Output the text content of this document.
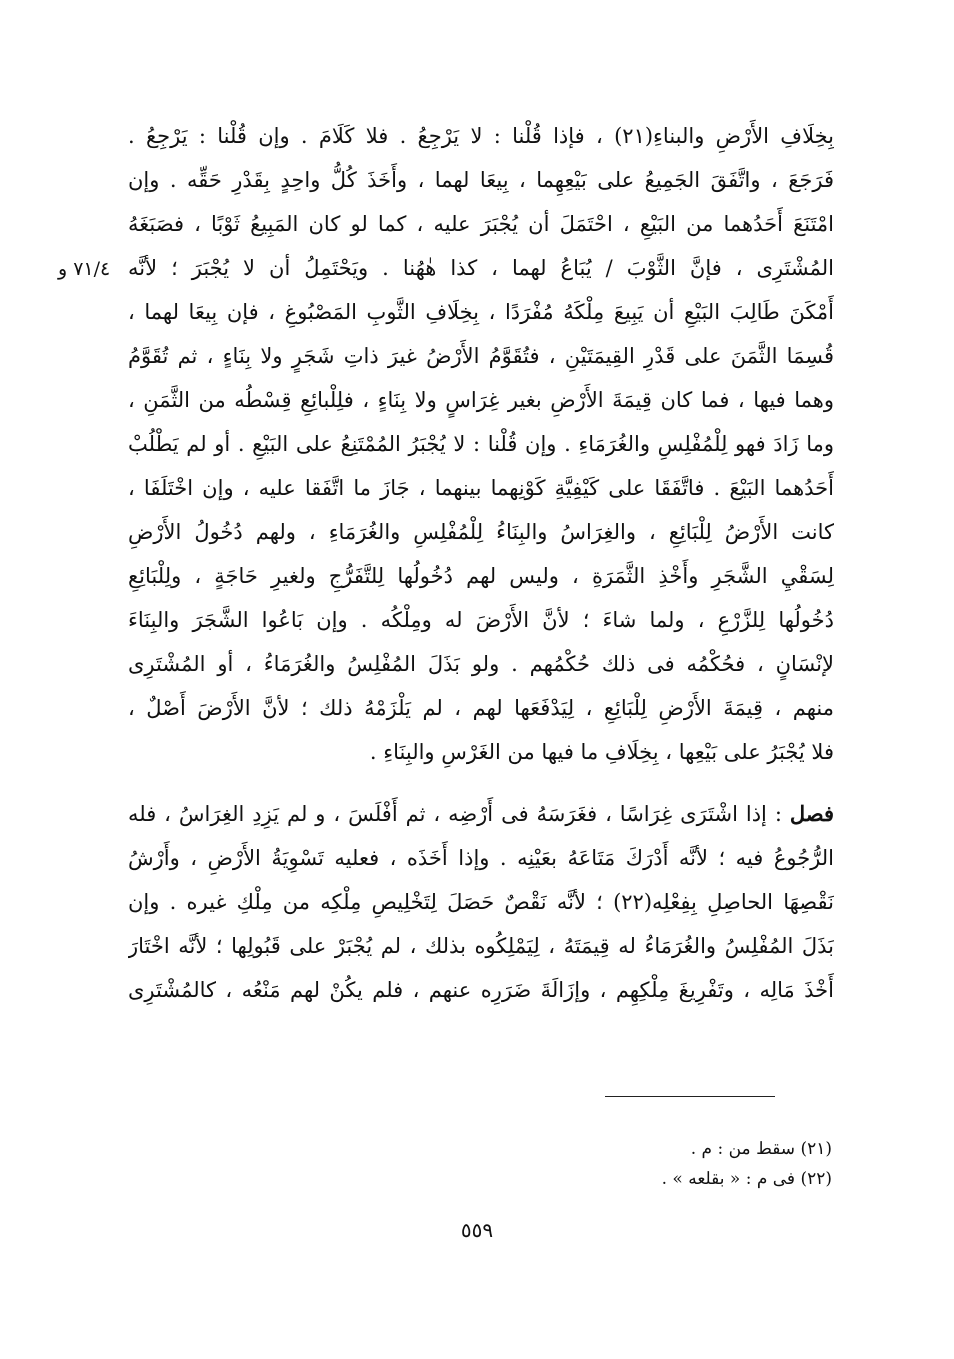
٧١/٤ و
بِخِلَافِ الأَرْضِ والبناءِ(٢١) ، فإذا قُلْنا : لا يَرْجِعُ . فلا كَلَامَ . وإن قُلْنا : يَرْجِعُ .
فَرَجَعَ ، واتَّفَقَ الجَمِيعُ على بَيْعِهِما ، بِيعَا لهما ، وأَخَذَ كُلُّ واحِدٍ بِقَدْرِ حَقِّه . وإن
امْتَنَعَ أَحَدُهما من البَيْعِ ، احْتَمَلَ أن يُجْبَرَ عليه ، كما لو كان المَبِيعُ ثَوْبًا ، فصَبَغَهُ
المُشْتَرِى ، فإنَّ الثَّوْبَ / يُبَاعُ لهما ، كذا هٰهُنا . ويَحْتَمِلُ أن لا يُجْبَرَ ؛ لأنَّه
أَمْكَنَ طَالِبَ البَيْعِ أن يَبِيعَ مِلْكَهُ مُفْرَدًا ، بِخِلَافِ الثَّوبِ المَصْبُوغِ ، فإن بِيعَا لهما ،
قُسِمَا الثَّمَنَ على قَدْرِ القِيمَتَيْنِ ، فتُقَوَّمُ الأَرْضُ غيرَ ذاتِ شَجَرٍ ولا بِنَاءٍ ، ثم تُقَوَّمُ
وهما فيها ، فما كان قِيمَةَ الأَرْضِ بغير غِرَاسٍ ولا بِنَاءٍ ، فلِلْبائِعِ قِسْطُه من الثَّمَنِ ،
وما زَادَ فهو لِلْمُفْلِسِ والغُرَمَاءِ . وإن قُلْنا : لا يُجْبَرُ المُمْتَنِعُ على البَيْعِ . أو لم يَطْلُبْ
أَحَدُهما البَيْعَ . فاتَّفَقَا على كَيْفِيَّةِ كَوْنِهما بينهما ، جَازَ ما اتَّفَقا عليه ، وإن اخْتَلَفَا ،
كانت الأَرْضُ لِلْبَائِعِ ، والغِرَاسُ والبِنَاءُ لِلْمُفْلِسِ والغُرَمَاءِ ، ولهم دُخُولُ الأَرْضِ
لِسَقْيِ الشَّجَرِ وأَخْذِ الثَّمَرَةِ ، وليس لهم دُخُولُها لِلتَّفَرُّجِ ولغيرِ حَاجَةٍ ، ولِلْبَائِعِ
دُخُولُها لِلزَّرْعِ ، ولما شاءَ ؛ لأنَّ الأَرْضَ له ومِلْكُه . وإن بَاعُوا الشَّجَرَ والبِنَاءَ
لإنْسَانٍ ، فحُكْمُه فى ذلك حُكْمُهم . ولو بَذَلَ المُفْلِسُ والغُرَمَاءُ ، أو المُشْتَرِى
منهم ، قِيمَةَ الأَرْضِ لِلْبَائِعِ ، لِيَدْفَعَها لهم ، لم يَلْزَمْهُ ذلك ؛ لأنَّ الأَرْضَ أَصْلٌ ،
فلا يُجْبَرُ على بَيْعِها ، بِخِلَافِ ما فيها من الغَرْسِ والبِنَاءِ .
فصل : إذا اشْتَرَى غِرَاسًا ، فغَرَسَهُ فى أَرْضِه ، ثم أَفْلَسَ ، و لم يَزِدِ الغِرَاسُ ، فله
الرُّجُوعُ فيه ؛ لأنَّه أَدْرَكَ مَتَاعَهُ بعَيْنِه . وإذا أَخَذَه ، فعليه تَسْوِيَةُ الأَرْضِ ، وأَرْشُ
نَقْصِهَا الحاصِلِ بِفِعْلِه(٢٢) ؛ لأنَّه نَقْصٌ حَصَلَ لِتَخْلِيصِ مِلْكِه من مِلْكِ غيره . وإن
بَذَلَ المُفْلِسُ والغُرَمَاءُ له قِيمَتَهُ ، لِيَمْلِكُوه بذلك ، لم يُجْبَرْ على قَبُولِها ؛ لأنَّه اخْتَارَ
أَخْذَ مَالِه ، وتَفْرِيغَ مِلْكِهِم ، وإزَالَةَ ضَرَرِه عنهم ، فلم يكُنْ لهم مَنْعُه ، كالمُشْتَرِى
(٢١) سقط من : م .
(٢٢) فى م : « بقلعه » .
٥٥٩
